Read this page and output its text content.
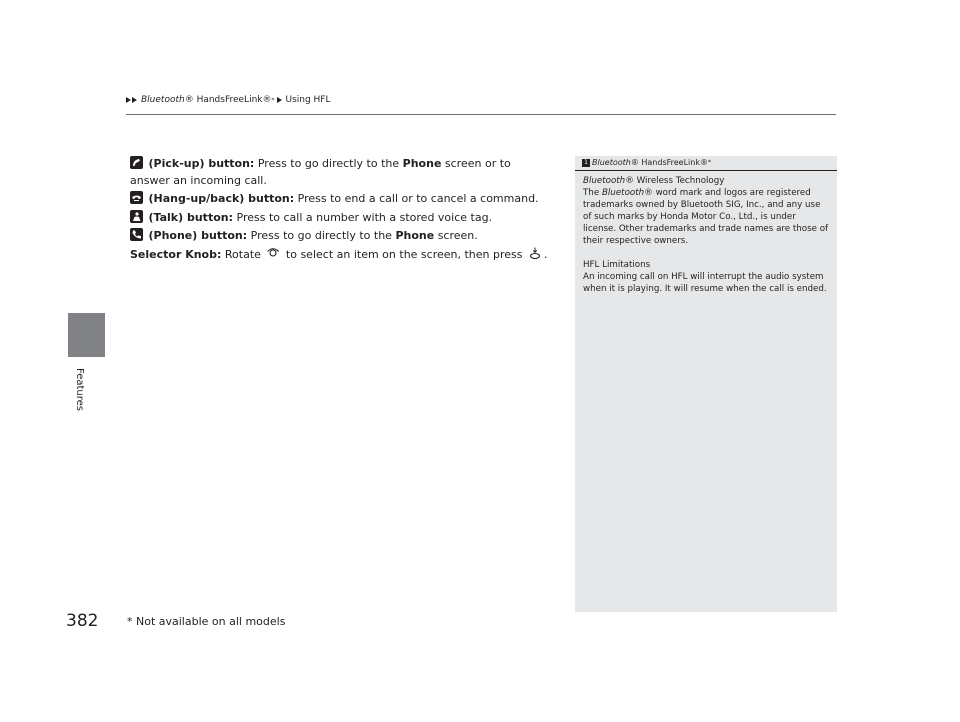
Bluetooth ® HandsFreeLink® * Using HFL
Features

(Pick-up) button: Press to go directly to the Phone screen or to answer an incoming call.

(Hang-up/back) button: Press to end a call or to cancel a command.

(Talk) button: Press to call a number with a stored voice tag.

(Phone) button: Press to go directly to the Phone screen.

Selector Knob: Rotate to select an item on the screen, then press .

1 Bluetooth ® HandsFreeLink® *

Bluetooth® Wireless Technology
The Bluetooth® word mark and logos are registered trademarks owned by Bluetooth SIG, Inc., and any use of such marks by Honda Motor Co., Ltd., is under license. Other trademarks and trade names are those of their respective owners.

HFL Limitations
An incoming call on HFL will interrupt the audio system when it is playing. It will resume when the call is ended.

382	* Not available on all models
